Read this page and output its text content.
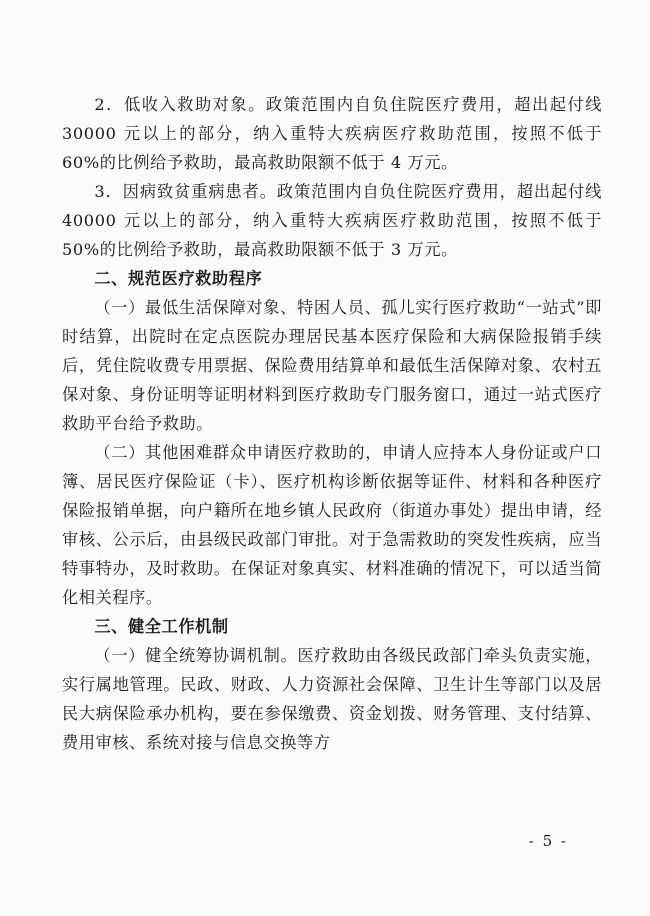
2．低收入救助对象。政策范围内自负住院医疗费用，超出起付线 30000 元以上的部分，纳入重特大疾病医疗救助范围，按照不低于 60%的比例给予救助，最高救助限额不低于 4 万元。

3．因病致贫重病患者。政策范围内自负住院医疗费用，超出起付线 40000 元以上的部分，纳入重特大疾病医疗救助范围，按照不低于 50%的比例给予救助，最高救助限额不低于 3 万元。

二、规范医疗救助程序

（一）最低生活保障对象、特困人员、孤儿实行医疗救助“一站式”即时结算，出院时在定点医院办理居民基本医疗保险和大病保险报销手续后，凭住院收费专用票据、保险费用结算单和最低生活保障对象、农村五保对象、身份证明等证明材料到医疗救助专门服务窗口，通过一站式医疗救助平台给予救助。

（二）其他困难群众申请医疗救助的，申请人应持本人身份证或户口簿、居民医疗保险证（卡）、医疗机构诊断依据等证件、材料和各种医疗保险报销单据，向户籍所在地乡镇人民政府（街道办事处）提出申请，经审核、公示后，由县级民政部门审批。对于急需救助的突发性疾病，应当特事特办，及时救助。在保证对象真实、材料准确的情况下，可以适当简化相关程序。

三、健全工作机制

（一）健全统筹协调机制。医疗救助由各级民政部门牵头负责实施，实行属地管理。民政、财政、人力资源社会保障、卫生计生等部门以及居民大病保险承办机构，要在参保缴费、资金划拨、财务管理、支付结算、费用审核、系统对接与信息交换等方

- 5 -
